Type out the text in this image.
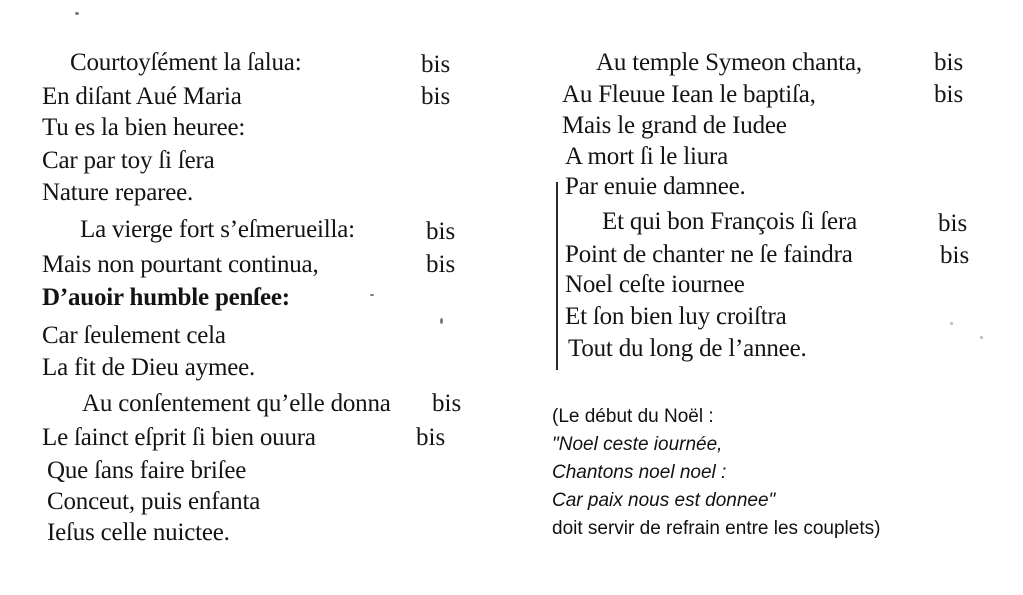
Courtoyſément la ſalua:
En diſant Aué Maria
Tu es la bien heuree:
Car par toy ſi ſera
Nature reparee.
La vierge fort s’eſmerueilla:
Mais non pourtant continua,
D’auoir humble penſee:
Car ſeulement cela
La fit de Dieu aymee.
Au conſentement qu’elle donna
Le ſainct eſprit ſi bien ouura
Que ſans faire briſee
Conceut, puis enfanta
Ieſus celle nuictee.
bis
bis
bis
bis
bis
bis
Au temple Symeon chanta,
Au Fleuue Iean le baptiſa,
Mais le grand de Iudee
A mort ſi le liura
Par enuie damnee.
Et qui bon François ſi ſera
Point de chanter ne ſe faindra
Noel ceſte iournee
Et ſon bien luy croiſtra
Tout du long de l’annee.
bis
bis
bis
bis
(Le début du Noël :
"Noel ceste iournée,
Chantons noel noel :
Car paix nous est donnee"
doit servir de refrain entre les couplets)
